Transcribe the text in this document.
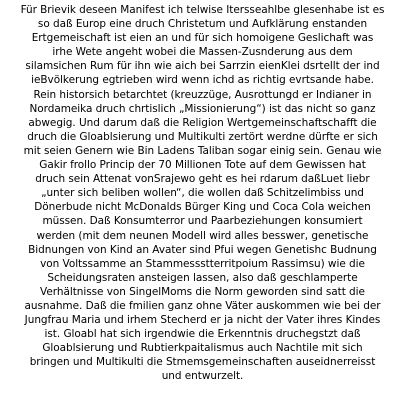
Für Brievik deseen Manifest ich telwise Itersseahlbe glesenhabe ist es
so daß Europ eine druch Christetum und Aufklärung enstanden
Ertgemeischaft ist eien an und für sich homoigene Geslichaft was
irhe Wete angeht wobei die Massen-Zusnderung aus dem
silamsichen Rum für ihn wie aich bei Sarrzin eienKlei dsrtellt der ind
ieBvölkerung egtrieben wird wenn ichd as richtig evrtsande habe.
Rein historsich betarchtet (kreuzzüge, Ausrottungd er Indianer in
Nordameika druch chrtislich „Missionierung“) ist das nicht so ganz
abwegig. Und darum daß die Religion Wertgemeinschaftschafft die
druch die Gloablsierung und Multikulti zertört werdne dürfte er sich
mit seien Genern wie Bin Ladens Taliban sogar einig sein. Genau wie
Gakir frollo Princip der 70 Millionen Tote auf dem Gewissen hat
druch sein Attenat vonSrajewo geht es hei rdarum daßLuet liebr
„unter sich beliben wollen“, die wollen daß Schitzelimbiss und
Dönerbude nicht McDonalds Bürger King und Coca Cola weichen
müssen. Daß Konsumterror und Paarbeziehungen konsumiert
werden (mit dem neunen Modell wird alles besswer, genetische
Bidnungen von Kind an Avater sind Pfui wegen Genetishc Budnung
von Voltssamme an Stammessstterritpoium Rassimsu) wie die
Scheidungsraten ansteigen lassen, also daß geschlamperte
Verhältnisse von SingelMoms die Norm geworden sind satt die
ausnahme. Daß die fmilien ganz ohne Väter auskommen wie bei der
Jungfrau Maria und irhem Stecherd er ja nicht der Vater ihres Kindes
ist. Gloabl hat sich irgendwie die Erkenntnis druchegstzt daß
Gloablsierung und Rubtierkpaitalismus auch Nachtile mit sich
bringen und Multikulti die Stmemsgemeinschaften auseidnerreisst
und entwurzelt.
